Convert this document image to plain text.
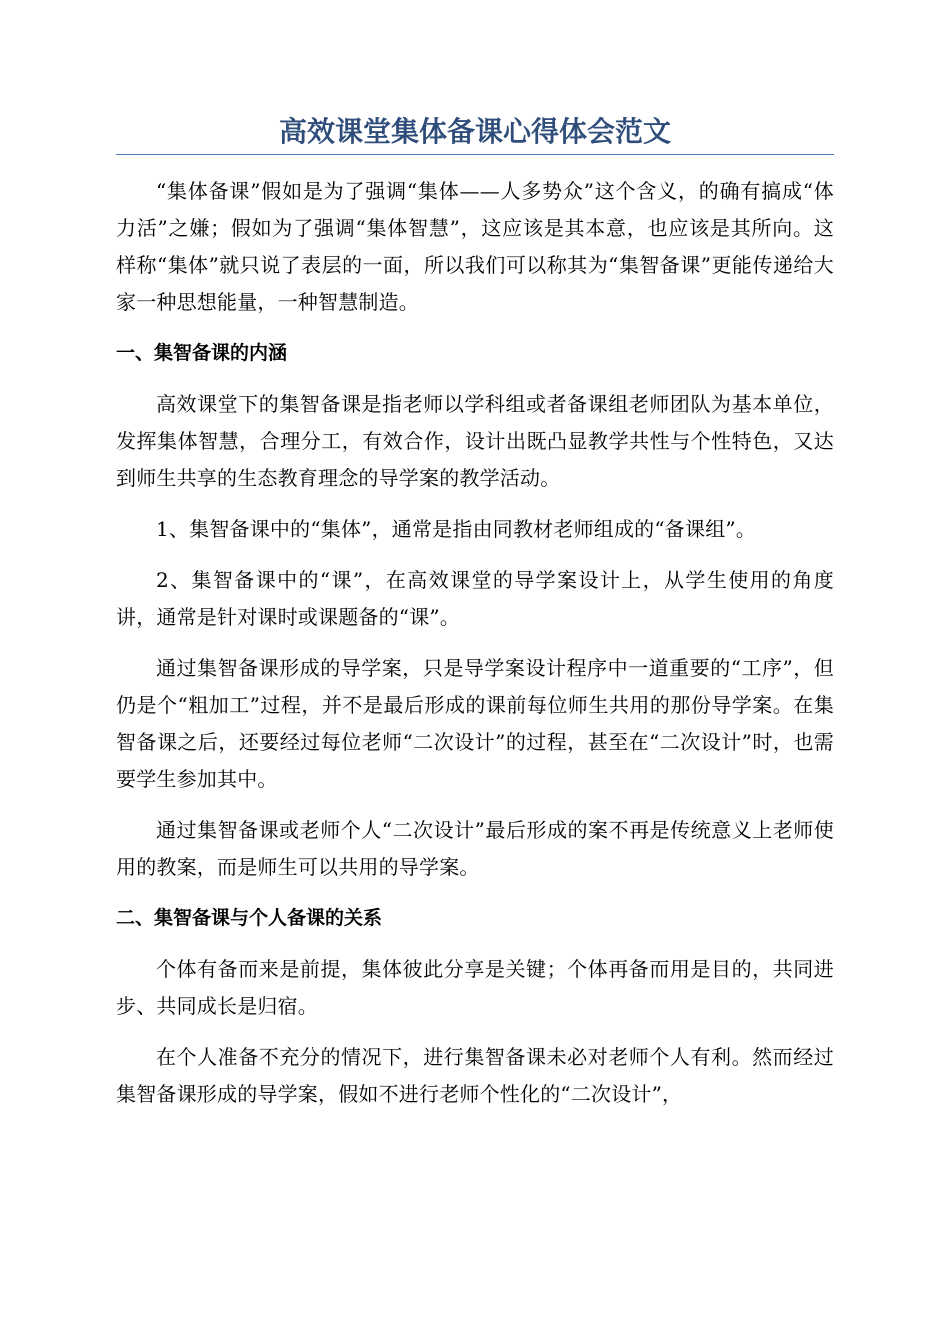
高效课堂集体备课心得体会范文

“集体备课”假如是为了强调“集体——人多势众”这个含义，的确有搞成“体力活”之嫌；假如为了强调“集体智慧”，这应该是其本意，也应该是其所向。这样称“集体”就只说了表层的一面，所以我们可以称其为“集智备课”更能传递给大家一种思想能量，一种智慧制造。

一、集智备课的内涵

高效课堂下的集智备课是指老师以学科组或者备课组老师团队为基本单位，发挥集体智慧，合理分工，有效合作，设计出既凸显教学共性与个性特色，又达到师生共享的生态教育理念的导学案的教学活动。

1、集智备课中的“集体”，通常是指由同教材老师组成的“备课组”。

2、集智备课中的“课”，在高效课堂的导学案设计上，从学生使用的角度讲，通常是针对课时或课题备的“课”。

通过集智备课形成的导学案，只是导学案设计程序中一道重要的“工序”，但仍是个“粗加工”过程，并不是最后形成的课前每位师生共用的那份导学案。在集智备课之后，还要经过每位老师“二次设计”的过程，甚至在“二次设计”时，也需要学生参加其中。

通过集智备课或老师个人“二次设计”最后形成的案不再是传统意义上老师使用的教案，而是师生可以共用的导学案。

二、集智备课与个人备课的关系

个体有备而来是前提，集体彼此分享是关键；个体再备而用是目的，共同进步、共同成长是归宿。

在个人准备不充分的情况下，进行集智备课未必对老师个人有利。然而经过集智备课形成的导学案，假如不进行老师个性化的“二次设计”，
